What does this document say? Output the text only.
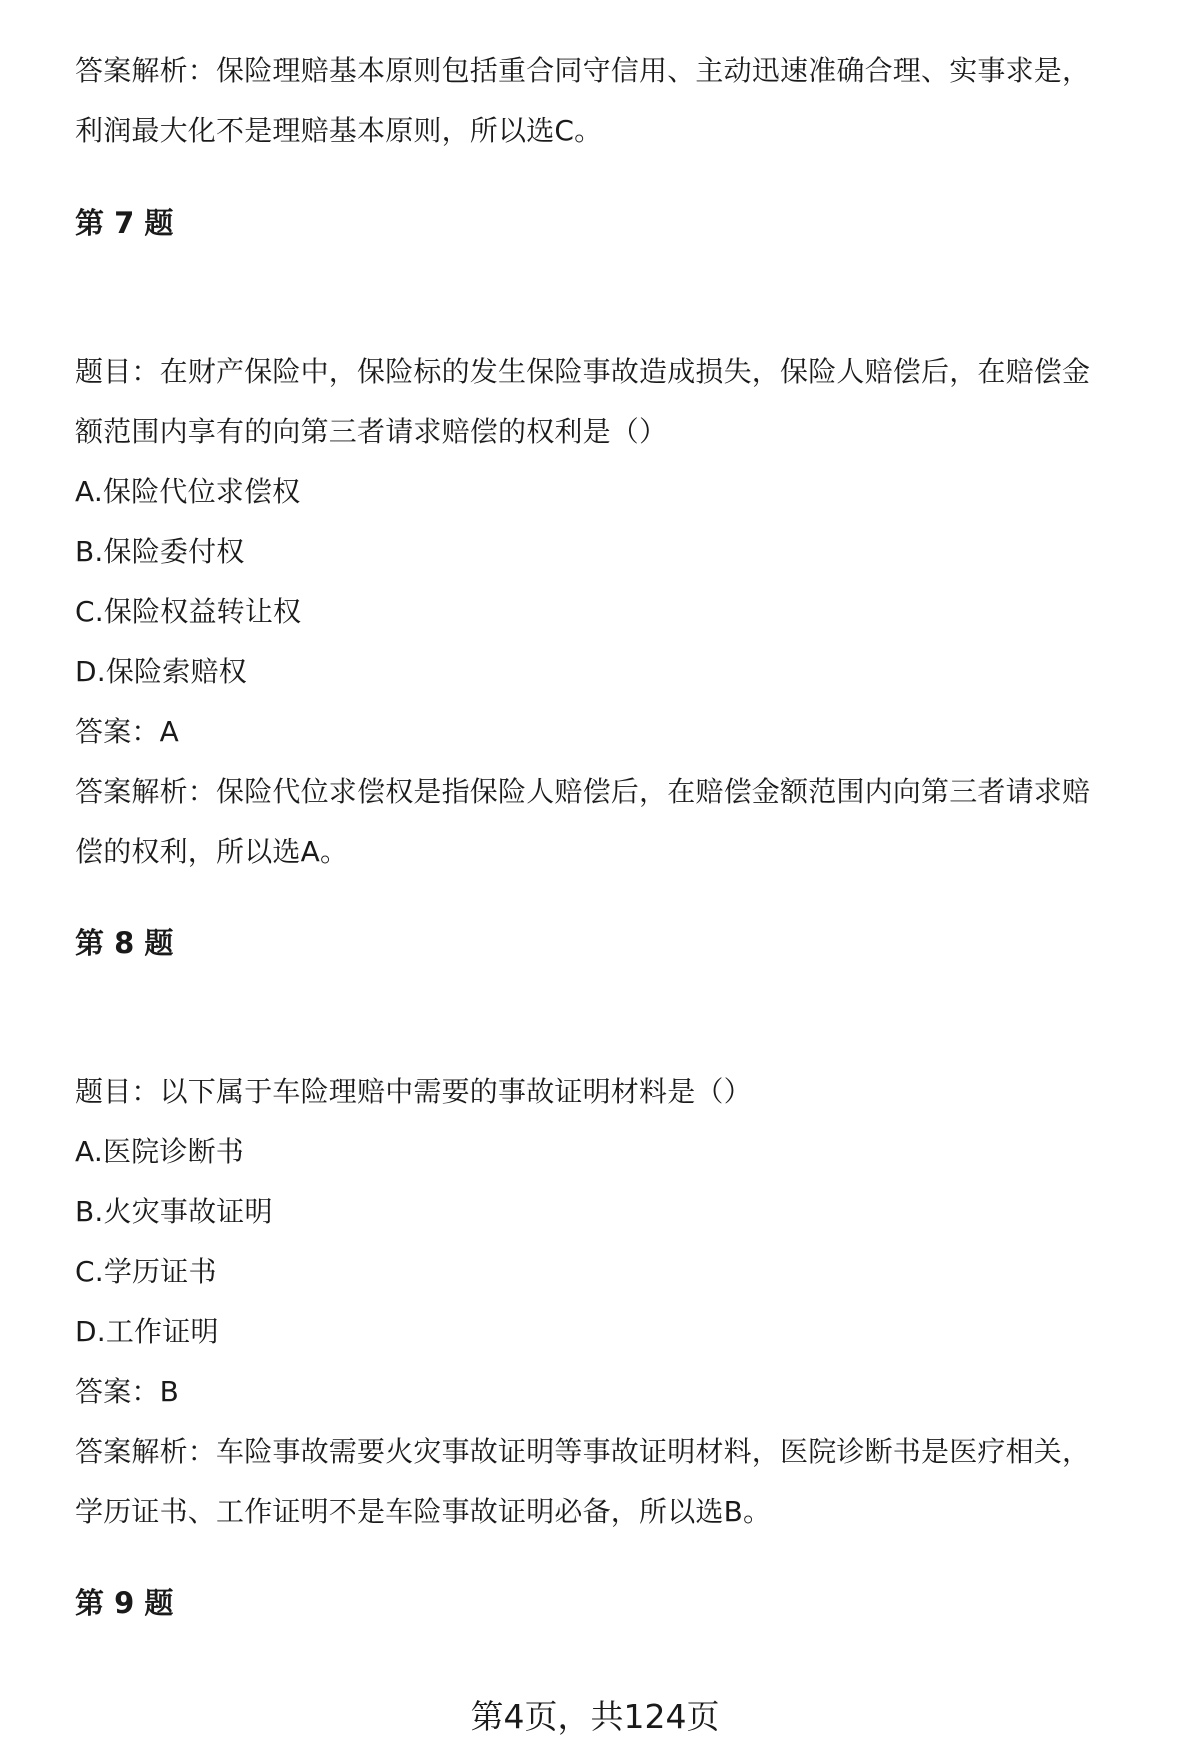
答案解析：保险理赔基本原则包括重合同守信用、主动迅速准确合理、实事求是，
利润最大化不是理赔基本原则，所以选C。
第 7 题
题目：在财产保险中，保险标的发生保险事故造成损失，保险人赔偿后，在赔偿金
额范围内享有的向第三者请求赔偿的权利是（）
A.保险代位求偿权
B.保险委付权
C.保险权益转让权
D.保险索赔权
答案：A
答案解析：保险代位求偿权是指保险人赔偿后，在赔偿金额范围内向第三者请求赔
偿的权利，所以选A。
第 8 题
题目：以下属于车险理赔中需要的事故证明材料是（）
A.医院诊断书
B.火灾事故证明
C.学历证书
D.工作证明
答案：B
答案解析：车险事故需要火灾事故证明等事故证明材料，医院诊断书是医疗相关，
学历证书、工作证明不是车险事故证明必备，所以选B。
第 9 题
第4页，共124页
